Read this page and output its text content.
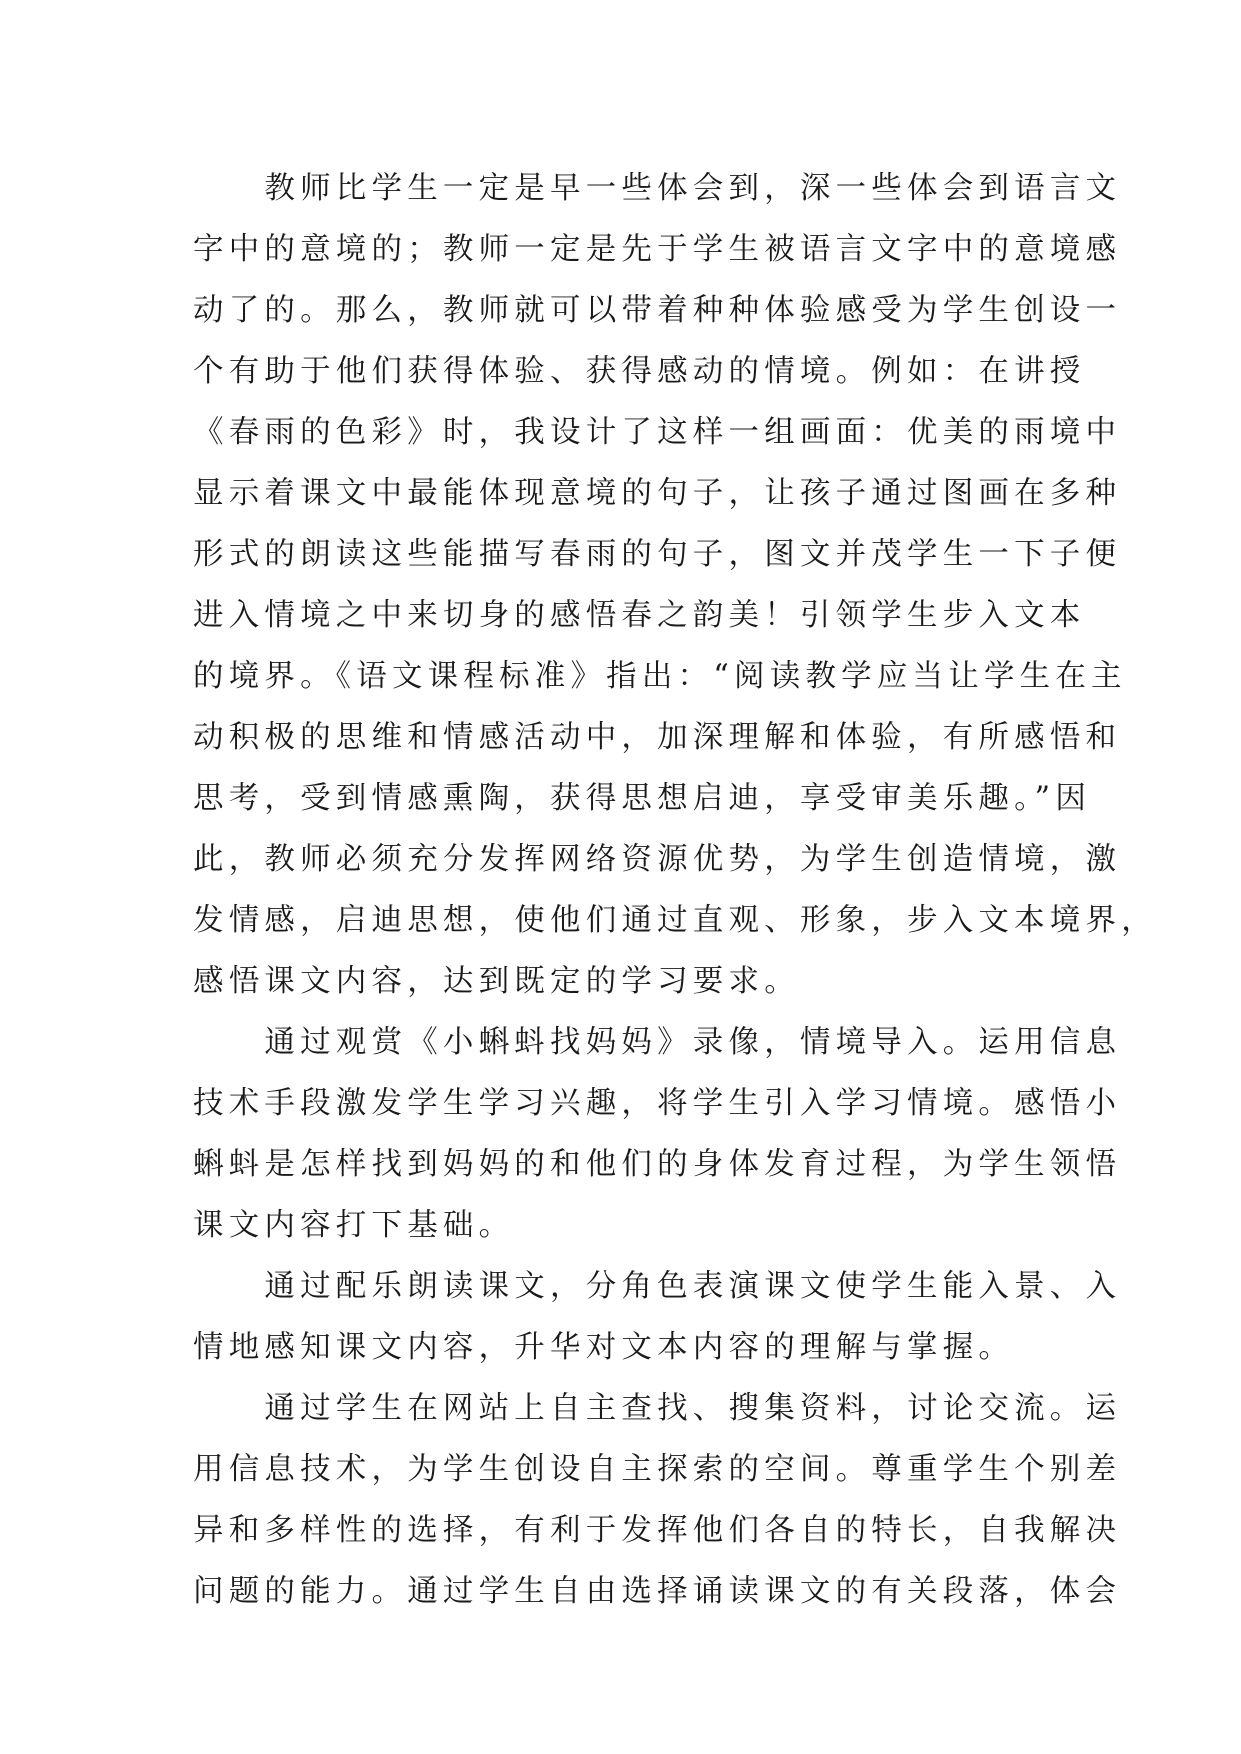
　　教师比学生一定是早一些体会到，深一些体会到语言文
字中的意境的；教师一定是先于学生被语言文字中的意境感
动了的。那么，教师就可以带着种种体验感受为学生创设一
个有助于他们获得体验、获得感动的情境。例如：在讲授
《春雨的色彩》时，我设计了这样一组画面：优美的雨境中
显示着课文中最能体现意境的句子，让孩子通过图画在多种
形式的朗读这些能描写春雨的句子，图文并茂学生一下子便
进入情境之中来切身的感悟春之韵美！引领学生步入文本
的境界。《语文课程标准》指出：“阅读教学应当让学生在主
动积极的思维和情感活动中，加深理解和体验，有所感悟和
思考，受到情感熏陶，获得思想启迪，享受审美乐趣。”因
此，教师必须充分发挥网络资源优势，为学生创造情境，激
发情感，启迪思想，使他们通过直观、形象，步入文本境界，
感悟课文内容，达到既定的学习要求。

　　通过观赏《小蝌蚪找妈妈》录像，情境导入。运用信息
技术手段激发学生学习兴趣，将学生引入学习情境。感悟小
蝌蚪是怎样找到妈妈的和他们的身体发育过程，为学生领悟
课文内容打下基础。

　　通过配乐朗读课文，分角色表演课文使学生能入景、入
情地感知课文内容，升华对文本内容的理解与掌握。

　　通过学生在网站上自主查找、搜集资料，讨论交流。运
用信息技术，为学生创设自主探索的空间。尊重学生个别差
异和多样性的选择，有利于发挥他们各自的特长，自我解决
问题的能力。通过学生自由选择诵读课文的有关段落，体会
